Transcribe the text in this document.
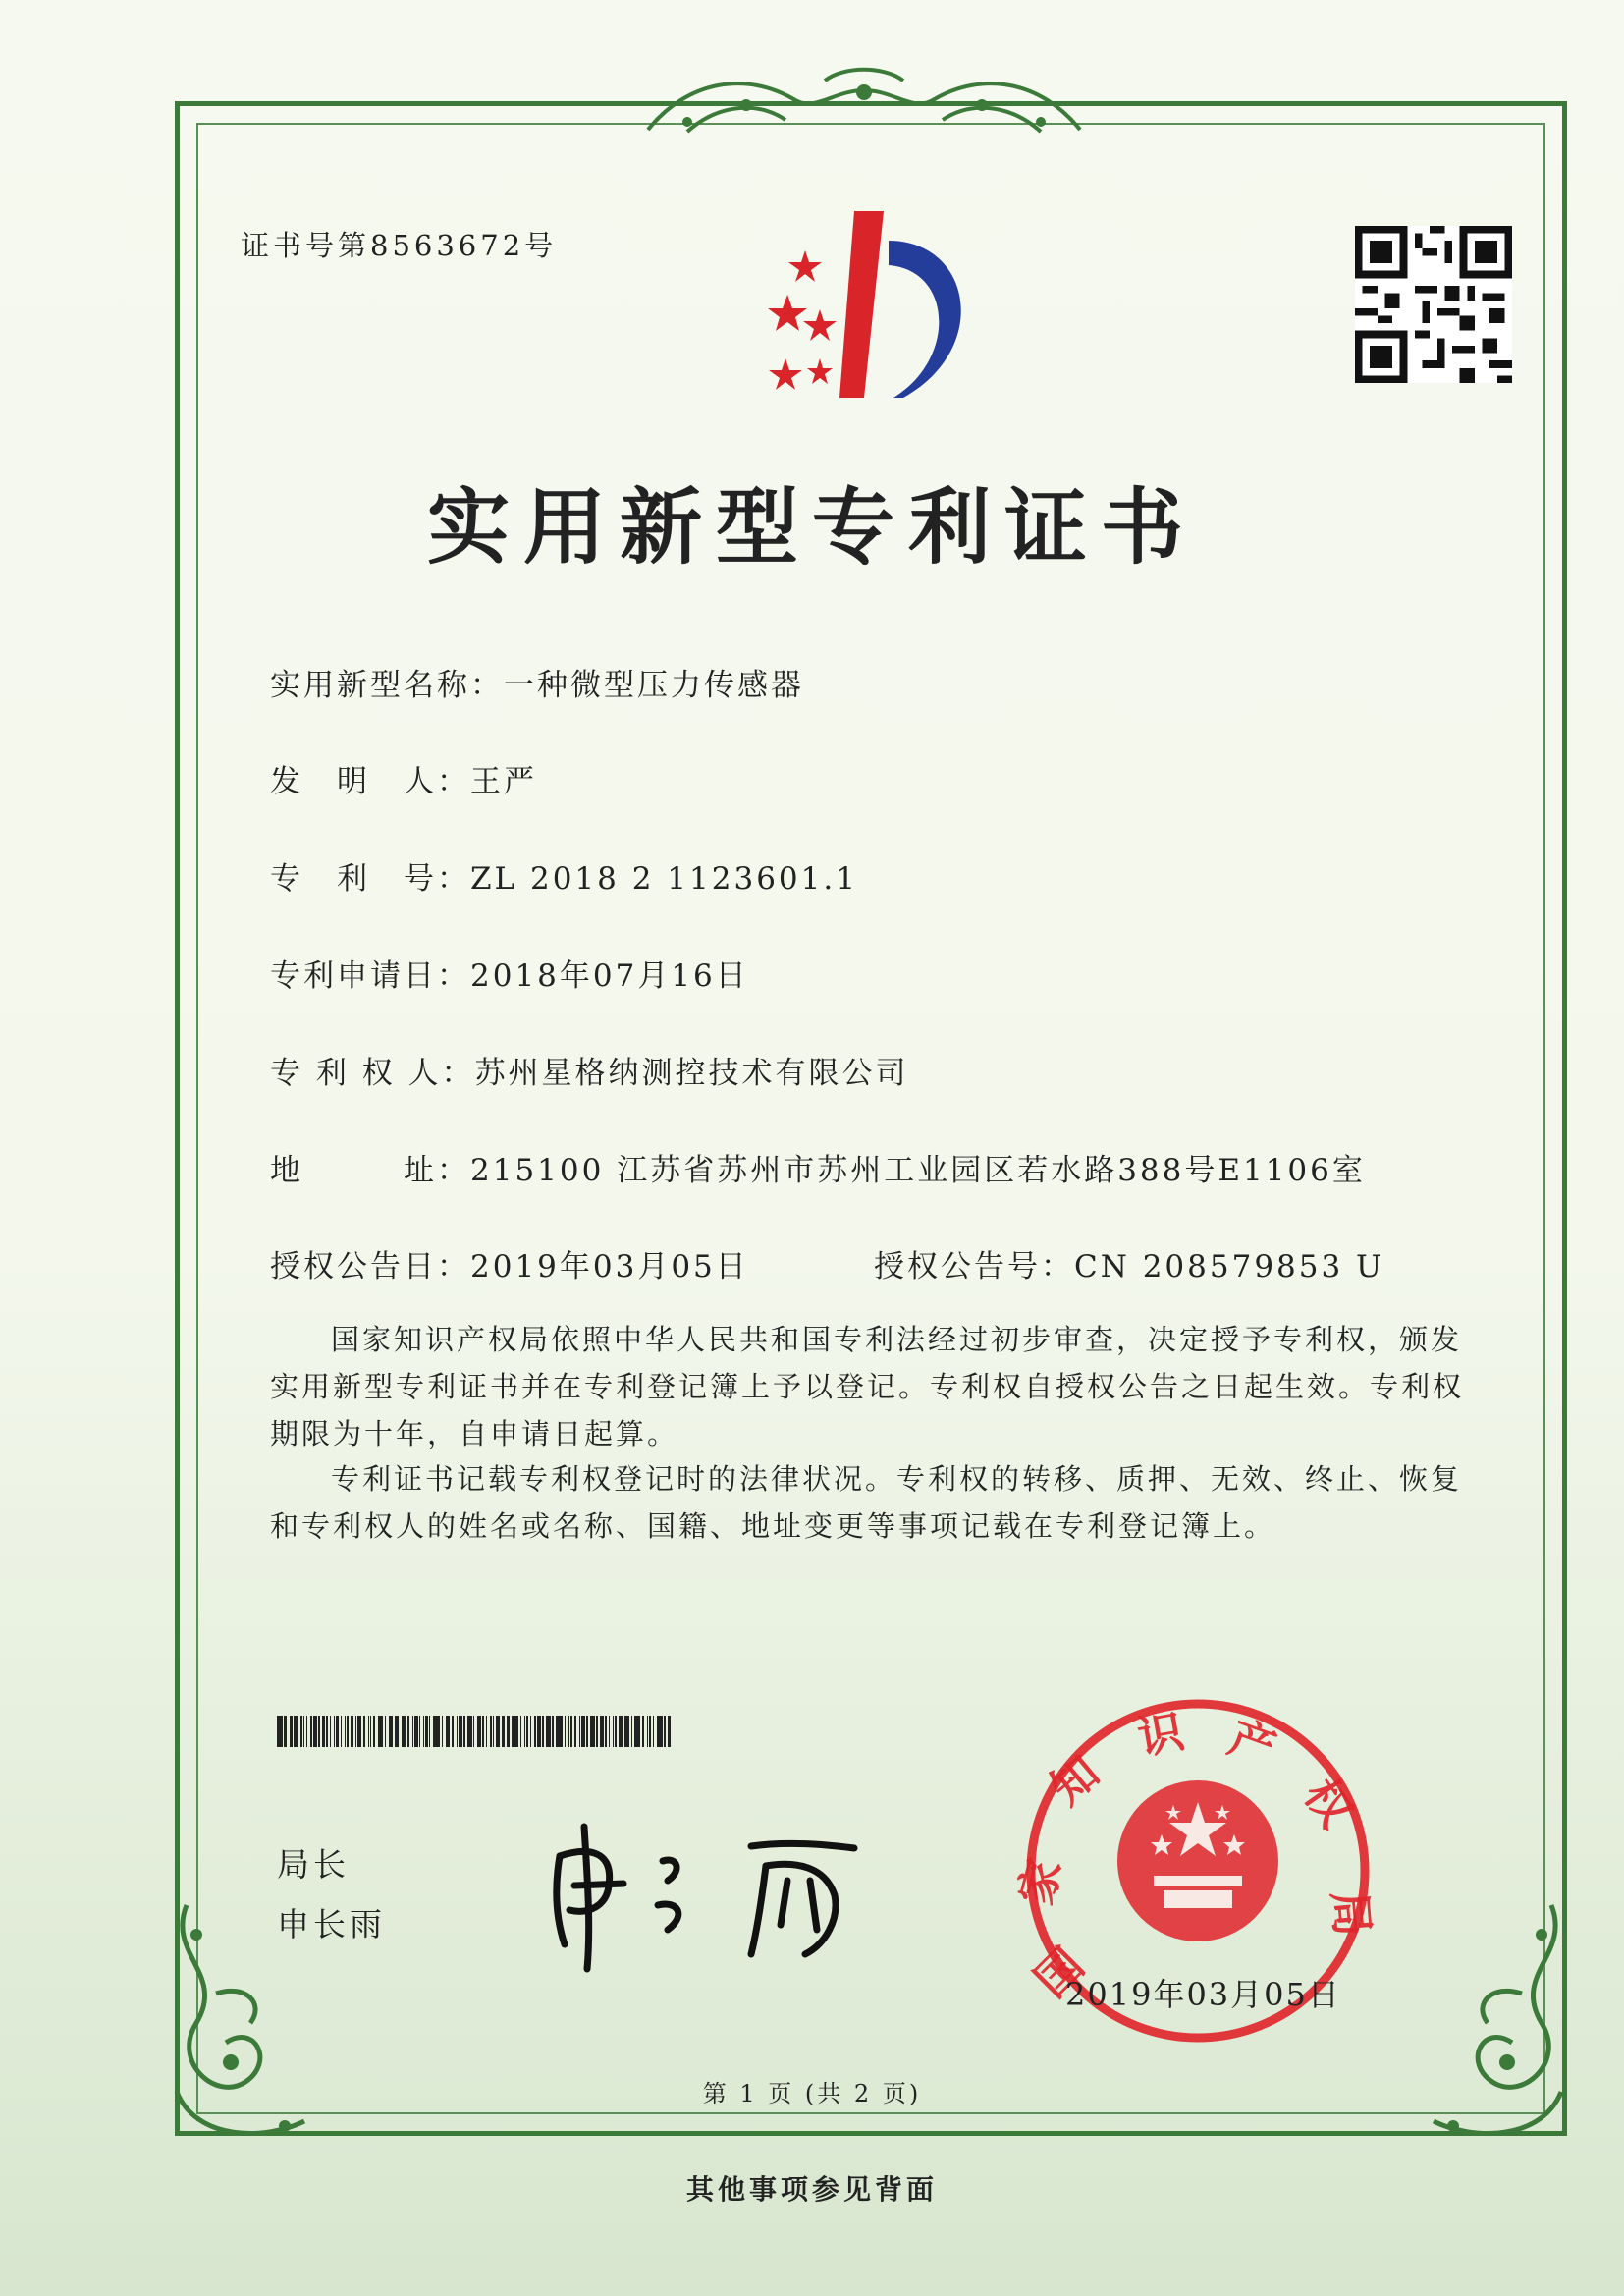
证书号第8563672号
实用新型专利证书
实用新型名称：一种微型压力传感器
发　明　人：王严
专　利　号：ZL 2018 2 1123601.1
专利申请日：2018年07月16日
专 利 权 人：苏州星格纳测控技术有限公司
地　　　址：215100 江苏省苏州市苏州工业园区若水路388号E1106室
授权公告日：2019年03月05日	授权公告号：CN 208579853 U
国家知识产权局依照中华人民共和国专利法经过初步审查，决定授予专利权，颁发实用新型专利证书并在专利登记簿上予以登记。专利权自授权公告之日起生效。专利权期限为十年，自申请日起算。
专利证书记载专利权登记时的法律状况。专利权的转移、质押、无效、终止、恢复和专利权人的姓名或名称、国籍、地址变更等事项记载在专利登记簿上。
局长
申长雨
国
家
知
识 产
权
局
2019年03月05日
第 1 页 (共 2 页)
其他事项参见背面
